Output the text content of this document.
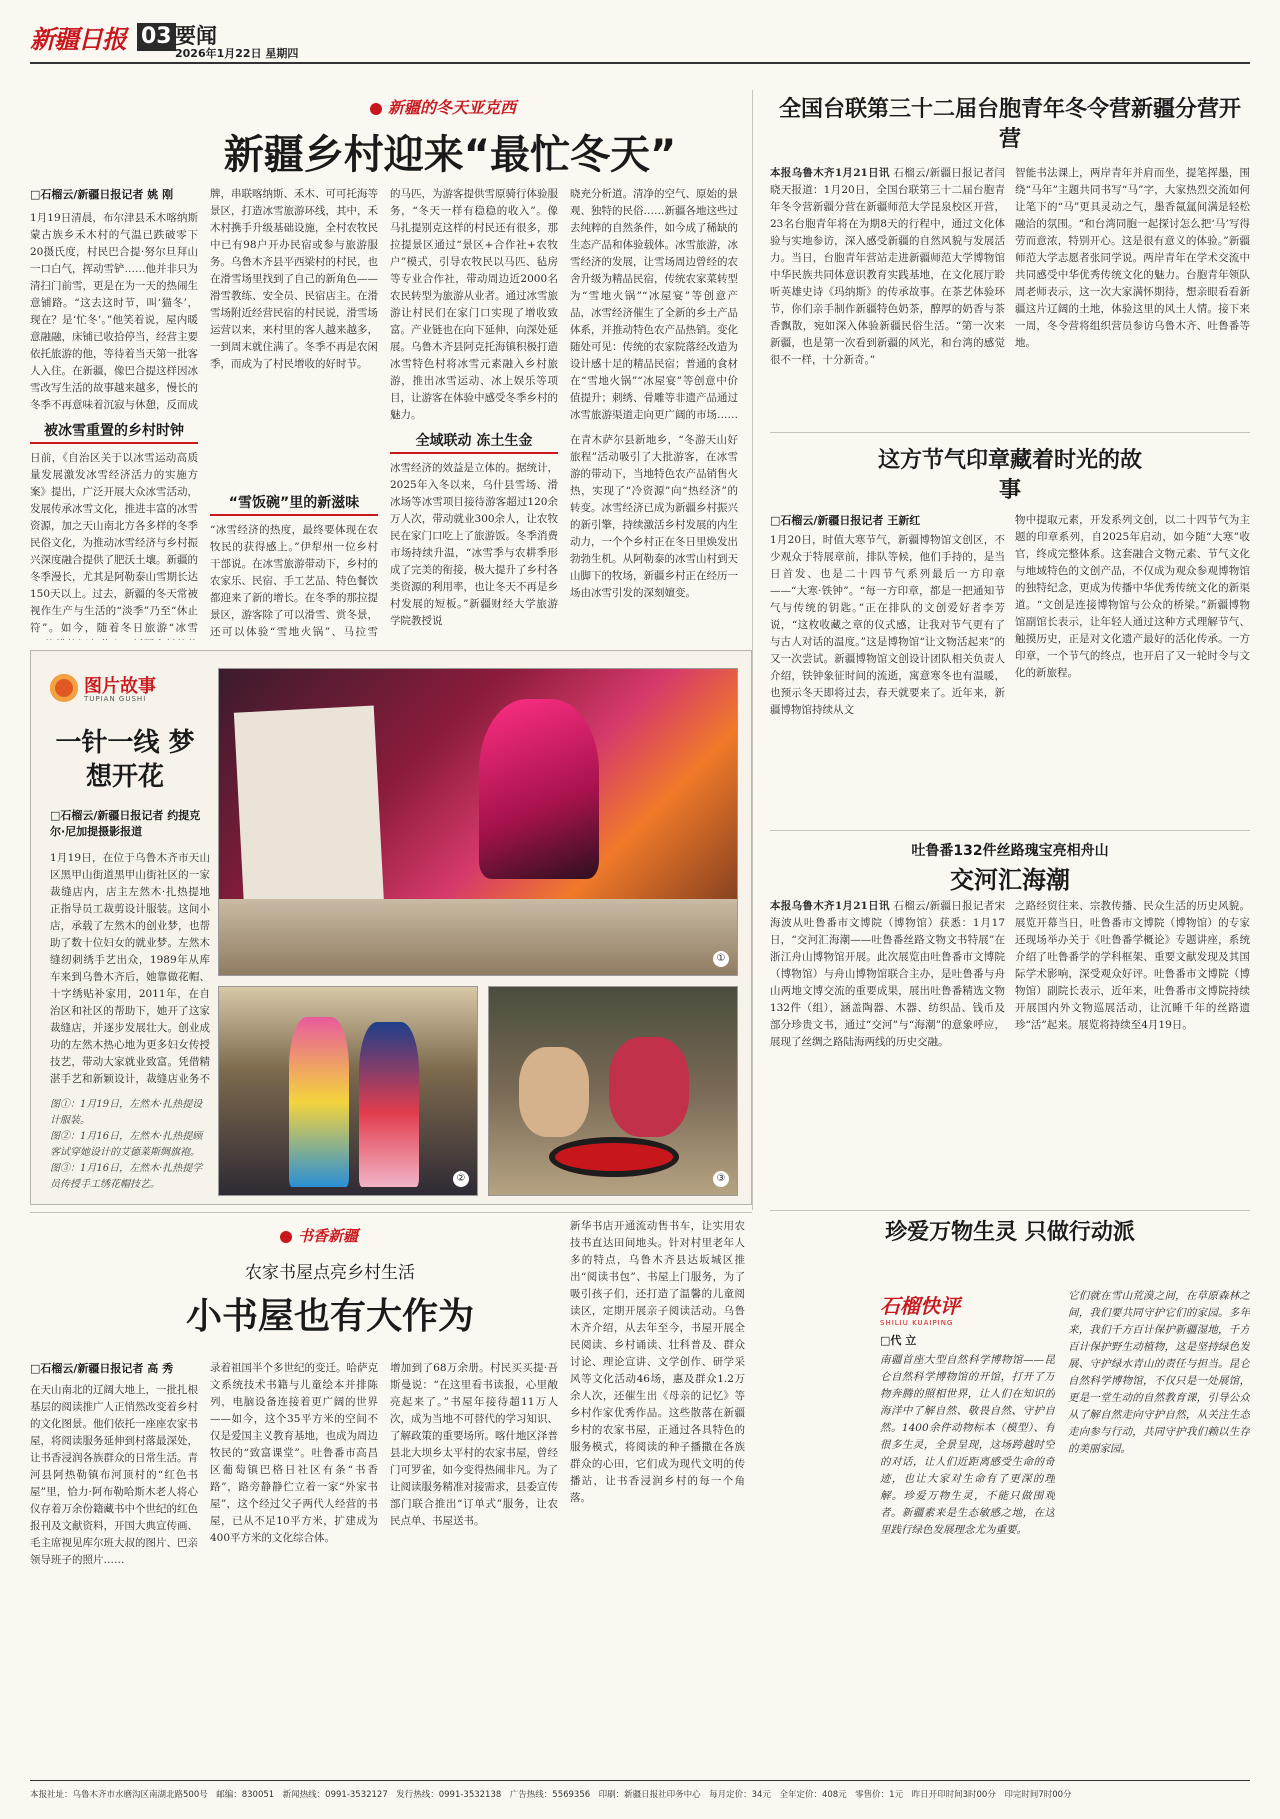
新疆日报 03 要闻
2026年1月22日 星期四
新疆的冬天亚克西
新疆乡村迎来“最忙冬天”
□石榴云/新疆日报记者 姚 刚
1月19日清晨，布尔津县禾木喀纳斯蒙古族乡禾木村的气温已跌破零下20摄氏度，村民巴合提·努尔旦拜山一口白气，挥动雪铲……他并非只为清扫门前雪，更是在为一天的热闹生意铺路。“这去这时节，叫‘猫冬’，现在？是‘忙冬’。”他笑着说，屋内暖意融融，床铺已收拾停当，经营主要依托旅游的他，等待着当天第一批客人入住。在新疆，像巴合提这样因冰雪改写生活的故事越来越多，慢长的冬季不再意味着沉寂与休憩，反而成
被冰雪重置的乡村时钟
日前，《自治区关于以冰雪运动高质量发展激发冰雪经济活力的实施方案》提出，广泛开展大众冰雪活动，发展传承冰雪文化，推进丰富的冰雪资源，加之天山南北方各多样的冬季民俗文化，为推动冰雪经济与乡村振兴深度融合提供了肥沃土壤。新疆的冬季漫长，尤其是阿勒泰山雪期长达150天以上。过去，新疆的冬天常被视作生产与生活的“淡季”乃至“休止符”。如今，随着冬日旅游“冰雪
牌，串联喀纳斯、禾木、可可托海等景区，打造冰雪旅游环线，其中，禾木村携手升级基础设施，全村农牧民中已有98户开办民宿或参与旅游服务。乌鲁木齐县平西梁村的村民，也在滑雪场里找到了自己的新角色——滑雪教练、安全员、民宿店主。在滑雪场附近经营民宿的村民说，滑雪场运营以来，来村里的客人越来越多，一到周末就住满了。冬季不再是农闲季，而成为了村民增收的好时节。
“雪饭碗”里的新滋味
“冰雪经济的热度，最终要体现在农牧民的获得感上。”伊犁州一位乡村干部说。在冰雪旅游带动下，乡村的农家乐、民宿、手工艺品、特色餐饮都迎来了新的增长。在冬季的那拉提景区，游客除了可以滑雪、赏冬景，还可以体验“雪地火锅”、马拉雪
的马匹，为游客提供雪原骑行体验服务，“冬天一样有稳稳的收入”。像马扎提别克这样的村民还有很多，那拉提景区通过“景区+合作社+农牧户”模式，引导农牧民以马匹、毡房等专业合作社，带动周边近2000名农民转型为旅游从业者。通过冰雪旅游让村民们在家门口实现了增收致富。产业链也在向下延伸，向深处延展。乌鲁木齐县阿克托海镇积极打造冰雪特色村将冰雪元素融入乡村旅游，推出冰雪运动、冰上娱乐等项目，让游客在体验中感受冬季乡村的魅力。
全域联动 冻土生金
冰雪经济的效益是立体的。据统计，2025年入冬以来，乌什县雪场、滑冰场等冰雪项目接待游客超过120余万人次，带动就业300余人，让农牧民在家门口吃上了旅游饭。冬季消费市场持续升温，“冰雪季与农耕季形成了完美的衔接，极大提升了乡村各类资源的利用率，也让冬天不再是乡村发展的短板。”新疆财经大学旅游学院教授说
晓充分析道。清净的空气、原始的景观、独特的民俗……新疆各地这些过去纯粹的自然条件，如今成了稀缺的生态产品和体验载体。冰雪旅游，冰雪经济的发展，让雪场周边曾经的农舍升级为精品民宿，传统农家菜转型为“雪地火锅”“冰屋宴”等创意产品，冰雪经济催生了全新的乡土产品体系，并推动特色农产品热销。变化随处可见：传统的农家院落经改造为设计感十足的精品民宿；普通的食材在“雪地火锅”“冰屋宴”等创意中价值提升；刺绣、骨雕等非遗产品通过冰雪旅游渠道走向更广阔的市场……
在青木萨尔县新地乡，“冬游天山好旅程”活动吸引了大批游客，在冰雪游的带动下，当地特色农产品销售火热，实现了“冷资源”向“热经济”的转变。冰雪经济已成为新疆乡村振兴的新引擎，持续激活乡村发展的内生动力，一个个乡村正在冬日里焕发出勃勃生机。从阿勒泰的冰雪山村到天山脚下的牧场，新疆乡村正在经历一场由冰雪引发的深刻嬗变。
全国台联第三十二届台胞青年冬令营新疆分营开营
本报乌鲁木齐1月21日讯 石榴云/新疆日报记者闫晓天报道：1月20日，全国台联第三十二届台胞青年冬令营新疆分营在新疆师范大学昆泉校区开营，23名台胞青年将在为期8天的行程中，通过文化体验与实地参访，深入感受新疆的自然风貌与发展活力。当日，台胞青年营站走进新疆师范大学博物馆中华民族共同体意识教育实践基地，在文化展厅聆听英雄史诗《玛纳斯》的传承故事。在茶艺体验环节，你们亲手制作新疆特色奶茶，醇厚的奶香与茶香飘散，宛如深入体验新疆民俗生活。“第一次来新疆，也是第一次看到新疆的风光，和台湾的感觉很不一样，十分新奇。”
智能书法课上，两岸青年并肩而坐，提笔挥墨，围绕“马年”主题共同书写“马”字，大家热烈交流如何让笔下的“马”更具灵动之气，墨香氤氲间满是轻松融洽的氛围。“和台湾同胞一起探讨怎么把‘马’写得劳而意浓，特别开心。这是很有意义的体验。”新疆师范大学志愿者张同学说。两岸青年在学术交流中共同感受中华优秀传统文化的魅力。台胞青年领队周老师表示，这一次大家满怀期待，想亲眼看看新疆这片辽阔的土地，体验这里的风土人情。接下来一周，冬令营将组织营员参访乌鲁木齐、吐鲁番等地。
这方节气印章藏着时光的故事
□石榴云/新疆日报记者 王新红
1月20日，时值大寒节气，新疆博物馆文创区，不少观众于特展章前，排队等候，他们手持的，是当日首发、也是二十四节气系列最后一方印章——“大寒·铁钟”。“每一方印章，都是一把通知节气与传统的钥匙。”正在排队的文创爱好者李芳说，“这枚收藏之章的仪式感，让我对节气更有了与古人对话的温度。”这是博物馆“让文物活起来”的又一次尝试。新疆博物馆文创设计团队相关负责人介绍，铁钟象征时间的流逝，寓意寒冬也有温暖，也预示冬天即将过去，春天就要来了。近年来，新疆博物馆持续从文
物中提取元素，开发系列文创，以二十四节气为主题的印章系列，自2025年启动，如今随“大寒”收官，终成完整体系。这套融合文物元素、节气文化与地域特色的文创产品，不仅成为观众参观博物馆的独特纪念，更成为传播中华优秀传统文化的新渠道。“文创是连接博物馆与公众的桥梁。”新疆博物馆副馆长表示，让年轻人通过这种方式理解节气、触摸历史，正是对文化遗产最好的活化传承。一方印章，一个节气的终点，也开启了又一轮时令与文化的新旅程。
吐鲁番132件丝路瑰宝亮相舟山
交河汇海潮
本报乌鲁木齐1月21日讯 石榴云/新疆日报记者宋海波从吐鲁番市文博院（博物馆）获悉：1月17日，“交河汇海潮——吐鲁番丝路文物文书特展”在浙江舟山博物馆开展。此次展览由吐鲁番市文博院（博物馆）与舟山博物馆联合主办，是吐鲁番与舟山两地文博交流的重要成果，展出吐鲁番精选文物132件（组），涵盖陶器、木器、纺织品、钱币及部分珍贵文书，通过“交河”与“海潮”的意象呼应，展现了丝绸之路陆海两线的历史交融。
之路经贸往来、宗教传播、民众生活的历史风貌。展览开幕当日，吐鲁番市文博院（博物馆）的专家还现场举办关于《吐鲁番学概论》专题讲座，系统介绍了吐鲁番学的学科框架、重要文献发现及其国际学术影响，深受观众好评。吐鲁番市文博院（博物馆）副院长表示，近年来，吐鲁番市文博院持续开展国内外文物巡展活动，让沉睡千年的丝路遗珍“活”起来。展览将持续至4月19日。
图片故事
TUPIAN GUSHI
一针一线 梦想开花
□石榴云/新疆日报记者 约提克尔·尼加提摄影报道
1月19日，在位于乌鲁木齐市天山区黑甲山街道黑甲山街社区的一家裁缝店内，店主左然木·扎热提地正指导员工裁剪设计服装。这间小店，承载了左然木的创业梦，也帮助了数十位妇女的就业梦。左然木缝纫刺绣手艺出众，1989年从库车来到乌鲁木齐后，她靠做花帽、十字绣贴补家用，2011年，在自治区和社区的帮助下，她开了这家裁缝店，并逐步发展壮大。创业成功的左然木热心地为更多妇女传授技艺，带动大家就业致富。凭借精湛手艺和新颖设计，裁缝店业务不
图①：1月19日，左然木·扎热提设计服装。
图②：1月16日，左然木·扎热提顾客试穿她设计的艾德莱斯绸旗袍。
图③：1月16日，左然木·扎热提学员传授手工绣花帽技艺。
①
②	③
珍爱万物生灵 只做行动派
石榴快评
SHILIU KUAIPING
□代 立
南疆首座大型自然科学博物馆——昆仑自然科学博物馆的开馆，打开了万物奔腾的照相世界，让人们在知识的海洋中了解自然、敬畏自然、守护自然。1400余件动物标本（模型）、有很多生灵，全景呈现，这场跨越时空的对话，让人们近距离感受生命的奇迹，也让大家对生命有了更深的理解。珍爱万物生灵，不能只做围观者。新疆素来是生态敏感之地，在这里践行绿色发展理念尤为重要。
它们就在雪山荒漠之间，在草原森林之间，我们要共同守护它们的家园。多年来，我们千方百计保护新疆湿地，千方百计保护野生动植物，这是坚持绿色发展、守护绿水青山的责任与担当。昆仑自然科学博物馆，不仅只是一处展馆，更是一堂生动的自然教育课，引导公众从了解自然走向守护自然，从关注生态走向参与行动，共同守护我们赖以生存的美丽家园。
书香新疆
农家书屋点亮乡村生活
小书屋也有大作为
□石榴云/新疆日报记者 高 秀
在天山南北的辽阔大地上，一批扎根基层的阅读推广人正悄然改变着乡村的文化图景。他们依托一座座农家书屋，将阅读服务延伸到村落最深处，让书香浸润各族群众的日常生活。青河县阿热勒镇布河顶村的“红色书屋”里，恰力·阿布勒哈斯木老人将心仪存着万余份籍藏书中个世纪的红色报刊及文献资料，开国大典宣传画、毛主席视见库尔班大叔的图片、巴亲领导班子的照片……
录着祖国半个多世纪的变迁。哈萨克文系统技术书籍与儿童绘本并排陈列，电脑设备连接着更广阔的世界——如今，这个35平方米的空间不仅是爱国主义教育基地，也成为周边牧民的“致富课堂”。吐鲁番市高昌区葡萄镇巴格日社区有条“书香路”，路旁静静伫立着一家“外家书屋”，这个经过父子两代人经营的书屋，已从不足10平方米，扩建成为400平方米的文化综合体。
增加到了68万余册。村民买买提·吾斯曼说：“在这里看书读报，心里敞亮起来了。”书屋年接待超11万人次，成为当地不可替代的学习知识、了解政策的重要场所。喀什地区泽普县北大坝乡太平村的农家书屋，曾经门可罗雀，如今变得热闹非凡。为了让阅读服务精准对接需求，县委宣传部门联合推出“订单式”服务，让农民点单、书屋送书。
新华书店开通流动售书车，让实用农技书直达田间地头。针对村里老年人多的特点，乌鲁木齐县达坂城区推出“阅读书包”、书屋上门服务，为了吸引孩子们，还打造了温馨的儿童阅读区，定期开展亲子阅读活动。乌鲁木齐介绍，从去年至今，书屋开展全民阅读、乡村诵读、壮科普及、群众讨论、理论宣讲、文学创作、研学采风等文化活动46场，惠及群众1.2万余人次，还催生出《母亲的记忆》等乡村作家优秀作品。这些散落在新疆乡村的农家书屋，正通过各具特色的服务模式，将阅读的种子播撒在各族群众的心田，它们成为现代文明的传播站，让书香浸润乡村的每一个角落。
本报社址：乌鲁木齐市水磨沟区南湖北路500号　邮编：830051　新闻热线：0991-3532127　发行热线：0991-3532138　广告热线：5569356　印刷：新疆日报社印务中心　每月定价：34元　全年定价：408元　零售价：1元　昨日开印时间3时00分　印完时间7时00分
